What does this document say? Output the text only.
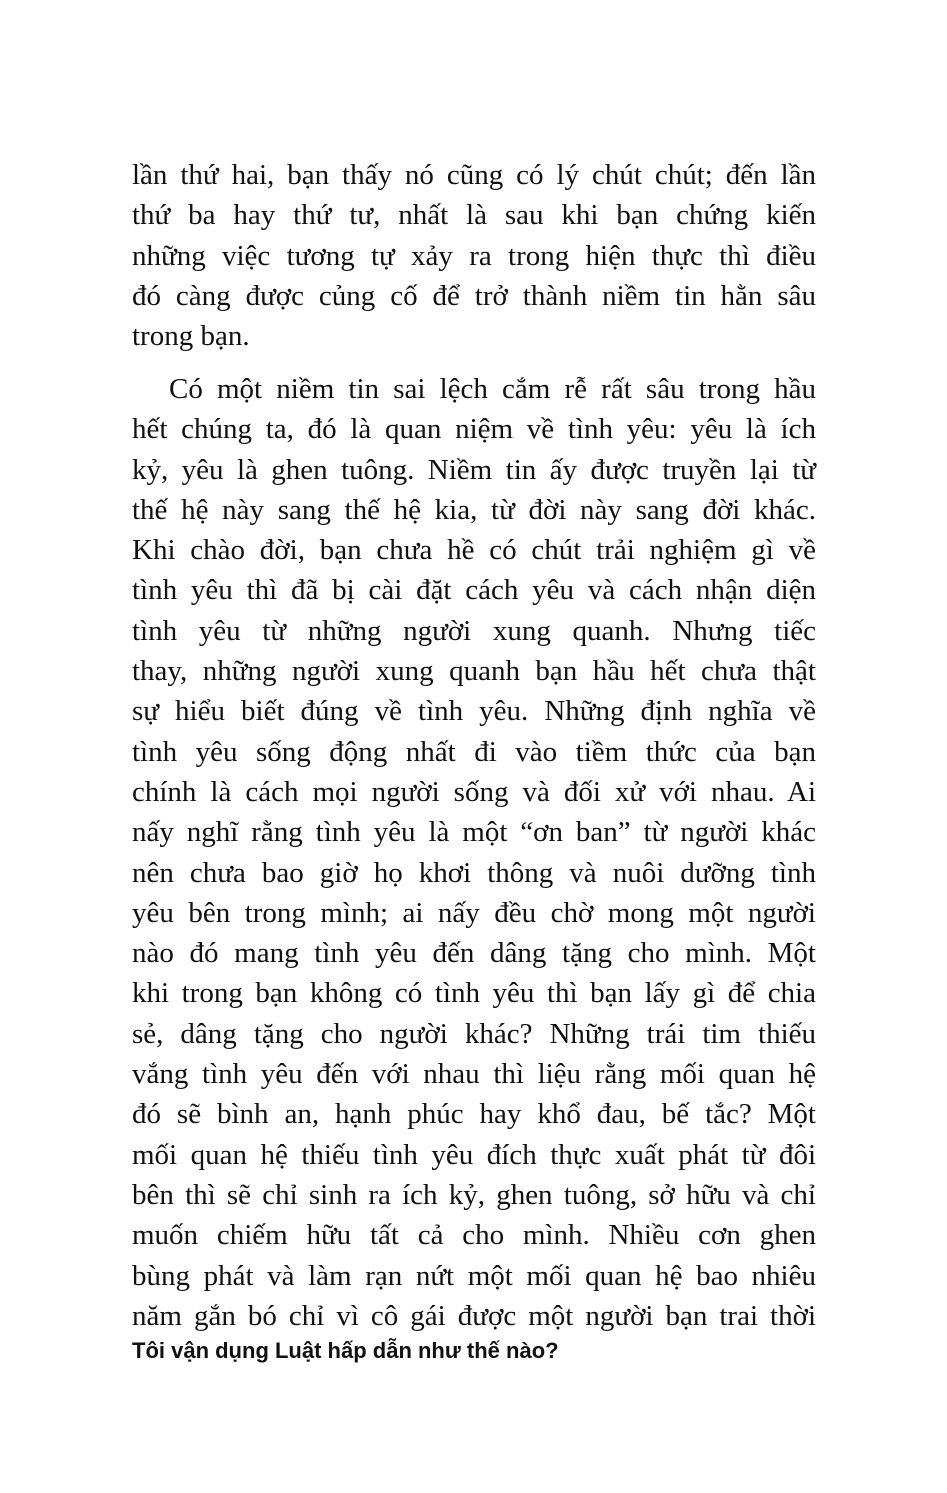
lần thứ hai, bạn thấy nó cũng có lý chút chút; đến lần
thứ ba hay thứ tư, nhất là sau khi bạn chứng kiến
những việc tương tự xảy ra trong hiện thực thì điều
đó càng được củng cố để trở thành niềm tin hằn sâu
trong bạn.
Có một niềm tin sai lệch cắm rễ rất sâu trong hầu
hết chúng ta, đó là quan niệm về tình yêu: yêu là ích
kỷ, yêu là ghen tuông. Niềm tin ấy được truyền lại từ
thế hệ này sang thế hệ kia, từ đời này sang đời khác.
Khi chào đời, bạn chưa hề có chút trải nghiệm gì về
tình yêu thì đã bị cài đặt cách yêu và cách nhận diện
tình yêu từ những người xung quanh. Nhưng tiếc
thay, những người xung quanh bạn hầu hết chưa thật
sự hiểu biết đúng về tình yêu. Những định nghĩa về
tình yêu sống động nhất đi vào tiềm thức của bạn
chính là cách mọi người sống và đối xử với nhau. Ai
nấy nghĩ rằng tình yêu là một “ơn ban” từ người khác
nên chưa bao giờ họ khơi thông và nuôi dưỡng tình
yêu bên trong mình; ai nấy đều chờ mong một người
nào đó mang tình yêu đến dâng tặng cho mình. Một
khi trong bạn không có tình yêu thì bạn lấy gì để chia
sẻ, dâng tặng cho người khác? Những trái tim thiếu
vắng tình yêu đến với nhau thì liệu rằng mối quan hệ
đó sẽ bình an, hạnh phúc hay khổ đau, bế tắc? Một
mối quan hệ thiếu tình yêu đích thực xuất phát từ đôi
bên thì sẽ chỉ sinh ra ích kỷ, ghen tuông, sở hữu và chỉ
muốn chiếm hữu tất cả cho mình. Nhiều cơn ghen
bùng phát và làm rạn nứt một mối quan hệ bao nhiêu
năm gắn bó chỉ vì cô gái được một người bạn trai thời
Tôi vận dụng Luật hấp dẫn như thế nào?
